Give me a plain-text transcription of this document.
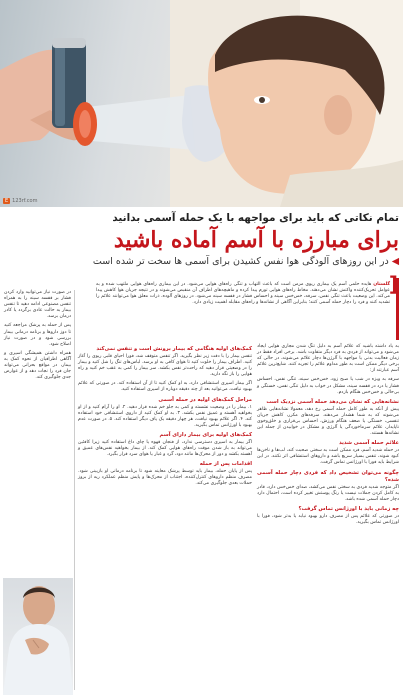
E 123rf.com
تمام نکاتی که باید برای مواجهه با یک حمله آسمی بدانید
برای مبارزه با آسم آماده باشید
◀در این روزهای آلودگی هوا نفس کشیدن برای آسمی ها سخت تر شده است
[
گلستان هایده حلمی آسم یک بیماری ریوی مزمن است که باعث التهاب و تنگی راه‌های هوایی می‌شود. در این بیماری راه‌های هوایی ملتهب شده و به عوامل تحریک‌کننده واکنش نشان می‌دهند. مخاط راه‌های هوایی تورم پیدا کرده و ماهیچه‌های اطراف آن منقبض می‌شوند و در نتیجه جریان هوا کاهش پیدا می‌کند. این وضعیت باعث تنگی نفس، سرفه، خس‌خس سینه و احساس فشار در قفسه سینه می‌شود. در روزهای آلوده، ذرات معلق هوا می‌توانند علائم را تشدید کنند و فرد را دچار حمله آسمی کنند؛ بنابراین آگاهی از نشانه‌ها و راه‌های مقابله اهمیت زیادی دارد.

به یاد داشته باشید که علائم آسم به دلیل تنگ شدن مجاری هوایی ایجاد می‌شود و می‌تواند از فردی به فرد دیگر متفاوت باشد. برخی افراد فقط در زمان فعالیت بدنی یا مواجهه با آلرژن‌ها دچار علائم می‌شوند، در حالی که برخی دیگر ممکن است به طور مداوم علائم را تجربه کنند. شایع‌ترین علائم آسم عبارتند از:

سرفه به ویژه در شب یا صبح زود، خس‌خس سینه، تنگی نفس، احساس فشار یا درد در قفسه سینه، مشکل در خواب به دلیل تنگی نفس، خستگی و بی‌حالی و خس‌خس هنگام بازدم.

نشانه‌هایی که نشان می‌دهد حمله آسمی نزدیک است

پیش از آنکه به طور کامل حمله آسمی رخ دهد، معمولا نشانه‌هایی ظاهر می‌شوند که به شما هشدار می‌دهند. سرفه‌های مکرر، کاهش جریان تنفسی، خستگی یا ضعف هنگام ورزش، احساس بی‌قراری و خلق‌وخوی ناپایدار، علائم سرماخوردگی یا آلرژی و مشکل در خوابیدن از جمله این نشانه‌ها هستند.

علائم حمله آسمی شدید

در حمله شدید آسم، فرد ممکن است به سختی صحبت کند، لب‌ها و ناخن‌ها کبود شوند، تنفس بسیار سریع باشد و داروهای استنشاقی اثر نکنند. در این شرایط باید فورا با اورژانس تماس گرفت.

چگونه می‌توان تشخیص داد که فردی دچار حمله آسمی شده؟

اگر متوجه شدید فردی به سختی نفس می‌کشد، صدای خس‌خس دارد، قادر به کامل کردن جملات نیست یا رنگ پوستش تغییر کرده است، احتمال دارد دچار حمله آسمی شده باشد.

چه زمانی باید با اورژانس تماس گرفت؟

در صورتی که علائم پس از مصرف دارو بهبود نیابد یا بدتر شود، فورا با اورژانس تماس بگیرید.

کمک‌های اولیه هنگامی که بیمار برونش است و تنفس نمی‌کند

تنفس بیمار را با دقت زیر نظر بگیرید. اگر تنفس متوقف شد، فورا احیای قلبی ریوی را آغاز کنید. اطراف بیمار را خلوت کنید تا هوای کافی به او برسد. لباس‌های تنگ را شل کنید و بیمار را در وضعیتی قرار دهید که راحت‌تر نفس بکشد. سر بیمار را کمی به عقب خم کنید و راه هوایی را باز نگه دارید.

اگر بیمار اسپری استنشاقی دارد، به او کمک کنید تا از آن استفاده کند. در صورتی که علائم بهبود نیافت، می‌توانید بعد از چند دقیقه دوباره از اسپری استفاده کنید.

مراحل کمک‌های اولیه در حمله آسمی

۱. بیمار را در وضعیت نشسته و کمی به جلو خم شده قرار دهید. ۲. او را آرام کنید و از او بخواهید آهسته و عمیق نفس بکشد. ۳. به او کمک کنید از داروی استنشاقی خود استفاده کند. ۴. اگر علائم بهبود نیافت، هر چهار دقیقه یک پاف دیگر استفاده کند. ۵. در صورت عدم بهبود با اورژانس تماس بگیرید.

کمک‌های اولیه برای بیمار دارای آسم

اگر بیمار به اسپری دسترسی ندارد، از فنجان قهوه یا چای داغ استفاده کنید زیرا کافئین می‌تواند به باز شدن موقت راه‌های هوایی کمک کند. از بیمار بخواهید نفس‌های عمیق و آهسته بکشد و دور از محرک‌ها مانند دود، گرد و غبار یا هوای سرد قرار بگیرد.

اقدامات پس از حمله

پس از پایان حمله، بیمار باید توسط پزشک معاینه شود تا برنامه درمانی او بازبینی شود. مصرف منظم داروهای کنترل‌کننده، اجتناب از محرک‌ها و پایش منظم عملکرد ریه از بروز حملات بعدی جلوگیری می‌کند.

در صورت نیاز می‌توانید وارد کردن فشار بر قفسه سینه را به همراه تنفس مصنوعی ادامه دهید تا تنفس بیمار به حالت عادی برگردد یا کادر درمان برسد.

پس از حمله به پزشک مراجعه کنید تا دوز داروها و برنامه درمانی بیمار بررسی شود و در صورت نیاز اصلاح شود.

همراه داشتن همیشگی اسپری و آگاهی اطرافیان از نحوه کمک به بیمار، در مواقع بحرانی می‌تواند جان فرد را نجات دهد و از عوارض جدی جلوگیری کند.
